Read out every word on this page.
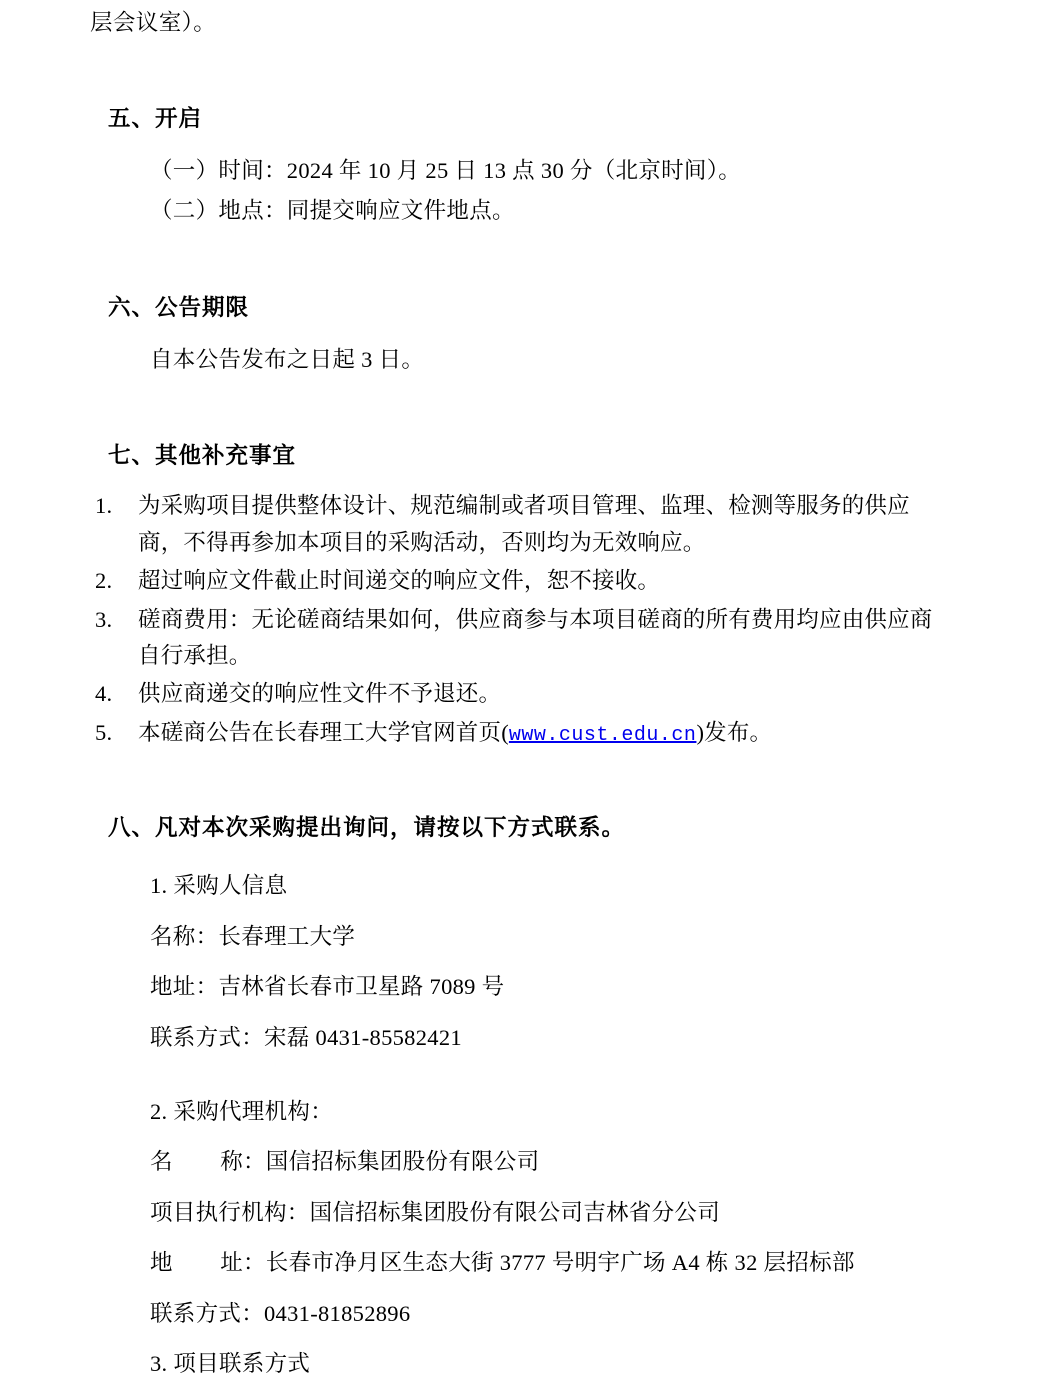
层会议室）。
五、开启
（一）时间：2024 年 10 月 25 日 13 点 30 分（北京时间）。
（二）地点：同提交响应文件地点。
六、公告期限
自本公告发布之日起 3 日。
七、其他补充事宜
1.	为采购项目提供整体设计、规范编制或者项目管理、监理、检测等服务的供应商，不得再参加本项目的采购活动，否则均为无效响应。
2.	超过响应文件截止时间递交的响应文件，恕不接收。
3.	磋商费用：无论磋商结果如何，供应商参与本项目磋商的所有费用均应由供应商自行承担。
4.	供应商递交的响应性文件不予退还。
5.	本磋商公告在长春理工大学官网首页(www.cust.edu.cn)发布。
八、凡对本次采购提出询问，请按以下方式联系。
1. 采购人信息
名称：长春理工大学
地址：吉林省长春市卫星路 7089 号
联系方式：宋磊 0431-85582421
2. 采购代理机构：
名        称：国信招标集团股份有限公司
项目执行机构：国信招标集团股份有限公司吉林省分公司
地        址：长春市净月区生态大街 3777 号明宇广场 A4 栋 32 层招标部
联系方式：0431-81852896
3. 项目联系方式
